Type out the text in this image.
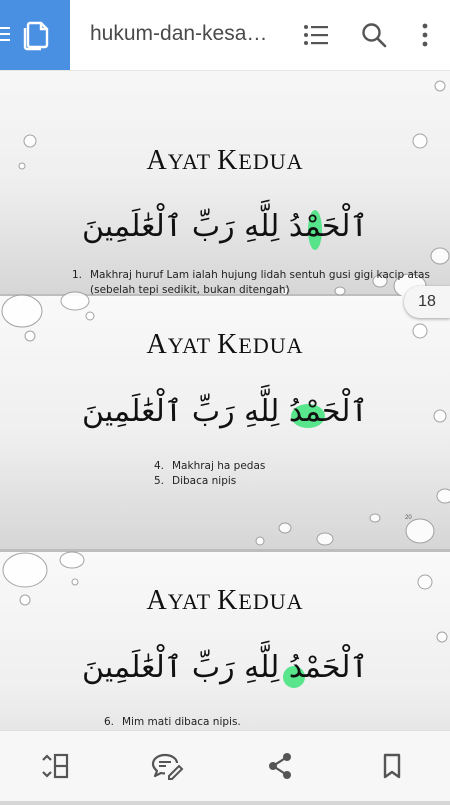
hukum-dan-kesa…
AYAT KEDUA
ٱلْحَمْدُ لِلَّهِ رَبِّ ٱلْعَٰلَمِينَ
1. Makhraj huruf Lam ialah hujung lidah sentuh gusi gigi kacip atas (sebelah tepi sedikit, bukan ditengah)
AYAT KEDUA
ٱلْحَمْدُ لِلَّهِ رَبِّ ٱلْعَٰلَمِينَ
4. Makhraj ha pedas
5. Dibaca nipis
20
AYAT KEDUA
ٱلْحَمْدُ لِلَّهِ رَبِّ ٱلْعَٰلَمِينَ
6. Mim mati dibaca nipis.
18
